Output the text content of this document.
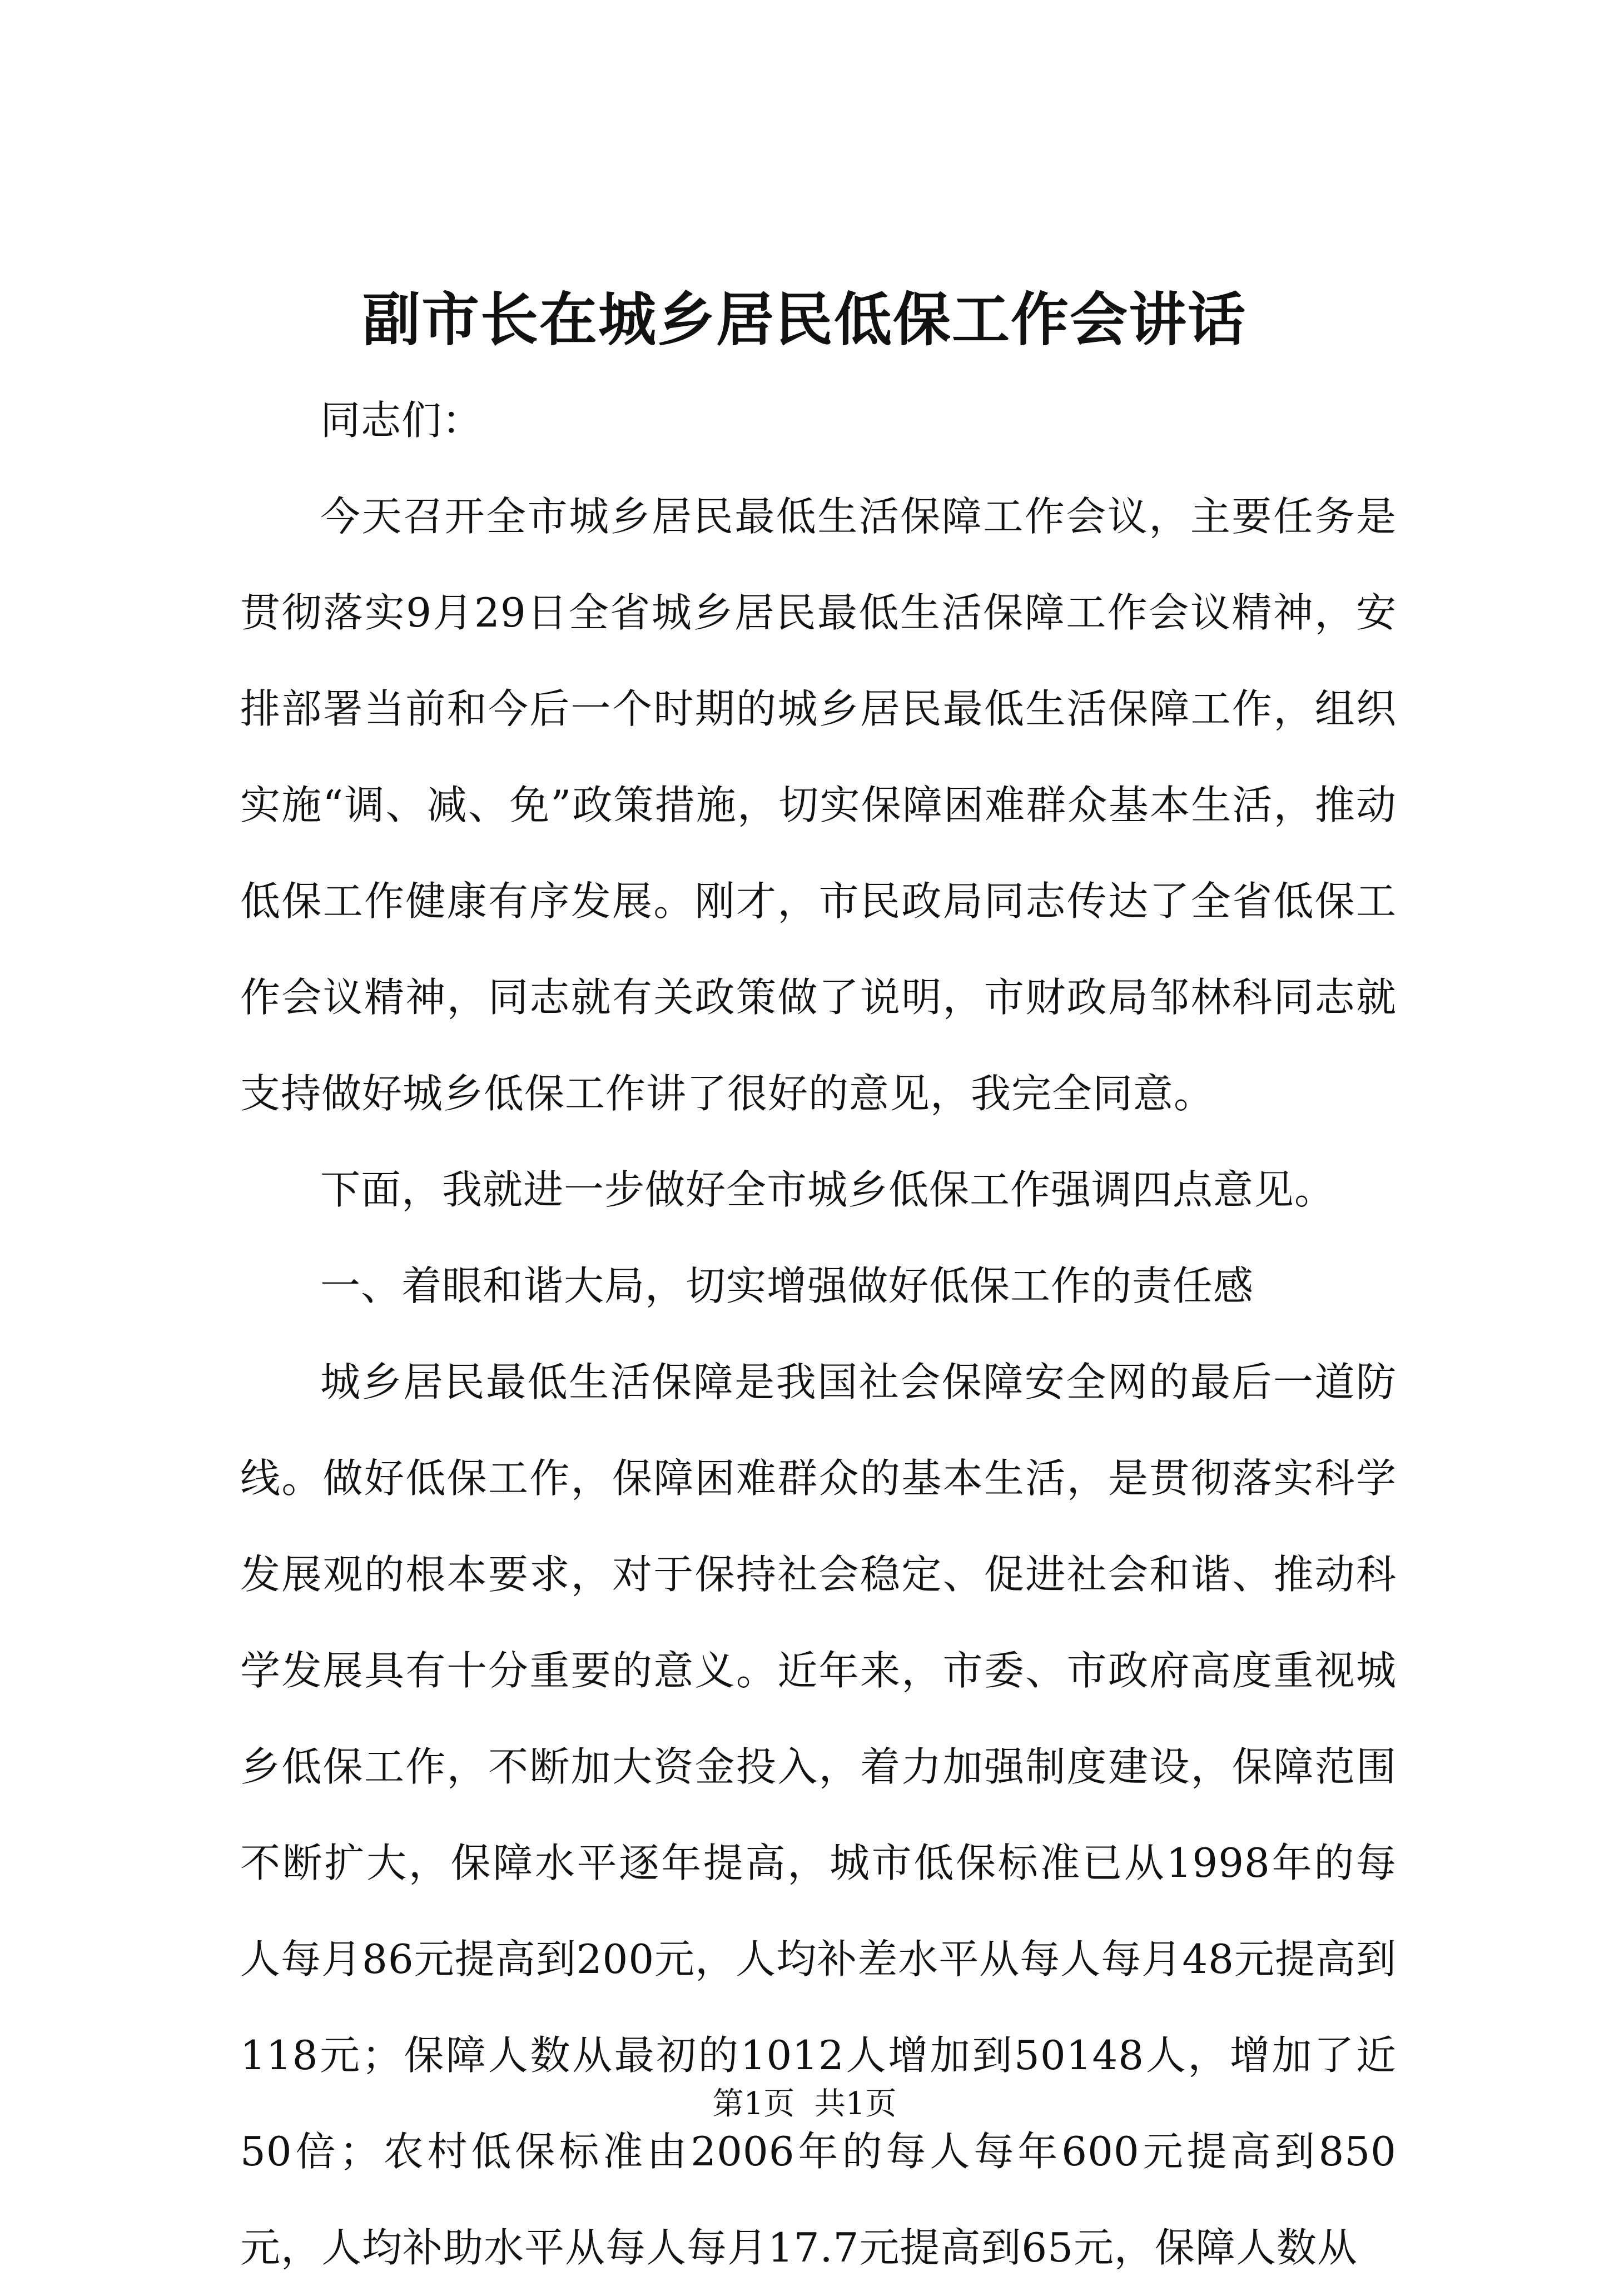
副市长在城乡居民低保工作会讲话

同志们：

今天召开全市城乡居民最低生活保障工作会议，主要任务是贯彻落实9月29日全省城乡居民最低生活保障工作会议精神，安排部署当前和今后一个时期的城乡居民最低生活保障工作，组织实施“调、减、免”政策措施，切实保障困难群众基本生活，推动低保工作健康有序发展。刚才，市民政局同志传达了全省低保工作会议精神，同志就有关政策做了说明，市财政局邹林科同志就支持做好城乡低保工作讲了很好的意见，我完全同意。

下面，我就进一步做好全市城乡低保工作强调四点意见。

一、着眼和谐大局，切实增强做好低保工作的责任感

城乡居民最低生活保障是我国社会保障安全网的最后一道防线。做好低保工作，保障困难群众的基本生活，是贯彻落实科学发展观的根本要求，对于保持社会稳定、促进社会和谐、推动科学发展具有十分重要的意义。近年来，市委、市政府高度重视城乡低保工作，不断加大资金投入，着力加强制度建设，保障范围不断扩大，保障水平逐年提高，城市低保标准已从1998年的每人每月86元提高到200元，人均补差水平从每人每月48元提高到118元；保障人数从最初的1012人增加到50148人，增加了近50倍；农村低保标准由2006年的每人每年600元提高到850元，人均补助水平从每人每月17.7元提高到65元，保障人数从

第1页  共1页
